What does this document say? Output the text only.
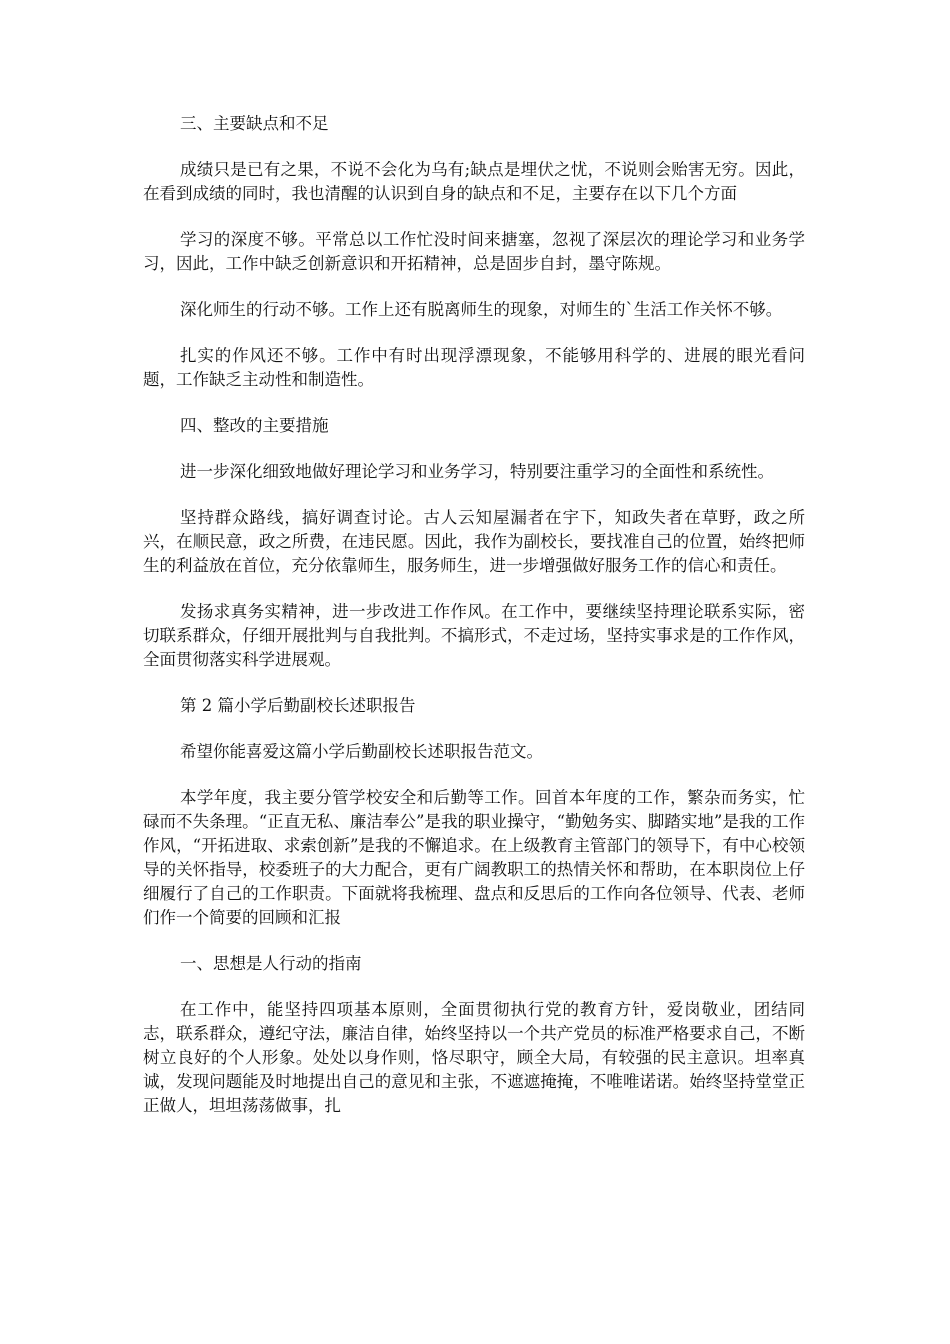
三、主要缺点和不足

成绩只是已有之果，不说不会化为乌有;缺点是埋伏之忧，不说则会贻害无穷。因此，在看到成绩的同时，我也清醒的认识到自身的缺点和不足，主要存在以下几个方面

学习的深度不够。平常总以工作忙没时间来搪塞，忽视了深层次的理论学习和业务学习，因此，工作中缺乏创新意识和开拓精神，总是固步自封，墨守陈规。

深化师生的行动不够。工作上还有脱离师生的现象，对师生的`生活工作关怀不够。

扎实的作风还不够。工作中有时出现浮漂现象，不能够用科学的、进展的眼光看问题，工作缺乏主动性和制造性。

四、整改的主要措施

进一步深化细致地做好理论学习和业务学习，特别要注重学习的全面性和系统性。

坚持群众路线，搞好调查讨论。古人云知屋漏者在宇下，知政失者在草野，政之所兴，在顺民意，政之所费，在违民愿。因此，我作为副校长，要找准自己的位置，始终把师生的利益放在首位，充分依靠师生，服务师生，进一步增强做好服务工作的信心和责任。

发扬求真务实精神，进一步改进工作作风。在工作中，要继续坚持理论联系实际，密切联系群众，仔细开展批判与自我批判。不搞形式，不走过场，坚持实事求是的工作作风，全面贯彻落实科学进展观。

第 2 篇小学后勤副校长述职报告

希望你能喜爱这篇小学后勤副校长述职报告范文。

本学年度，我主要分管学校安全和后勤等工作。回首本年度的工作，繁杂而务实，忙碌而不失条理。“正直无私、廉洁奉公”是我的职业操守，“勤勉务实、脚踏实地”是我的工作作风，“开拓进取、求索创新”是我的不懈追求。在上级教育主管部门的领导下，有中心校领导的关怀指导，校委班子的大力配合，更有广阔教职工的热情关怀和帮助，在本职岗位上仔细履行了自己的工作职责。下面就将我梳理、盘点和反思后的工作向各位领导、代表、老师们作一个简要的回顾和汇报

一、思想是人行动的指南

在工作中，能坚持四项基本原则，全面贯彻执行党的教育方针，爱岗敬业，团结同志，联系群众，遵纪守法，廉洁自律，始终坚持以一个共产党员的标准严格要求自己，不断树立良好的个人形象。处处以身作则，恪尽职守，顾全大局，有较强的民主意识。坦率真诚，发现问题能及时地提出自己的意见和主张，不遮遮掩掩，不唯唯诺诺。始终坚持堂堂正正做人，坦坦荡荡做事，扎
